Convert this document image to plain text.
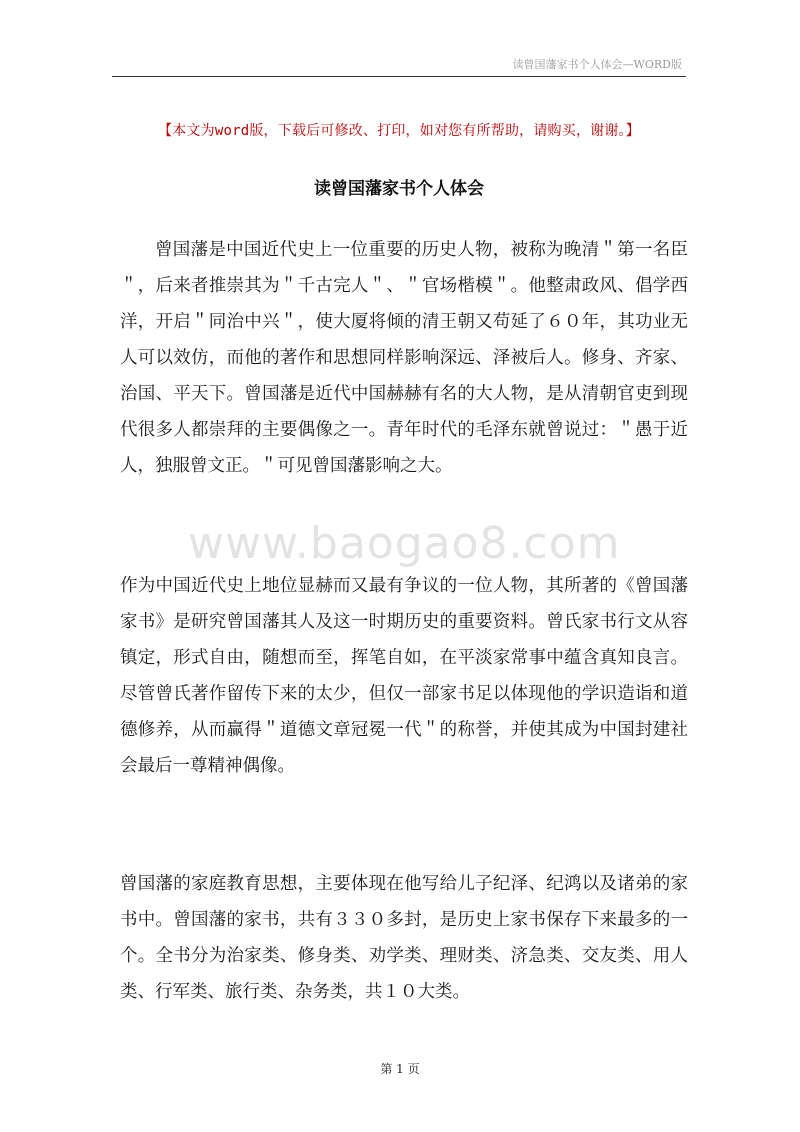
读曾国藩家书个人体会—WORD版
【本文为word版，下载后可修改、打印，如对您有所帮助，请购买，谢谢。】
读曾国藩家书个人体会

曾国藩是中国近代史上一位重要的历史人物，被称为晚清＂第一名臣＂，后来者推崇其为＂千古完人＂、＂官场楷模＂。他整肃政风、倡学西洋，开启＂同治中兴＂，使大厦将倾的清王朝又苟延了６０年，其功业无人可以效仿，而他的著作和思想同样影响深远、泽被后人。修身、齐家、治国、平天下。曾国藩是近代中国赫赫有名的大人物，是从清朝官吏到现代很多人都崇拜的主要偶像之一。青年时代的毛泽东就曾说过：＂愚于近人，独服曾文正。＂可见曾国藩影响之大。

www.baogao8.com

作为中国近代史上地位显赫而又最有争议的一位人物，其所著的《曾国藩家书》是研究曾国藩其人及这一时期历史的重要资料。曾氏家书行文从容镇定，形式自由，随想而至，挥笔自如，在平淡家常事中蕴含真知良言。尽管曾氏著作留传下来的太少，但仅一部家书足以体现他的学识造诣和道德修养，从而赢得＂道德文章冠冕一代＂的称誉，并使其成为中国封建社会最后一尊精神偶像。

曾国藩的家庭教育思想，主要体现在他写给儿子纪泽、纪鸿以及诸弟的家书中。曾国藩的家书，共有３３０多封，是历史上家书保存下来最多的一个。全书分为治家类、修身类、劝学类、理财类、济急类、交友类、用人类、行军类、旅行类、杂务类，共１０大类。

第 1 页
